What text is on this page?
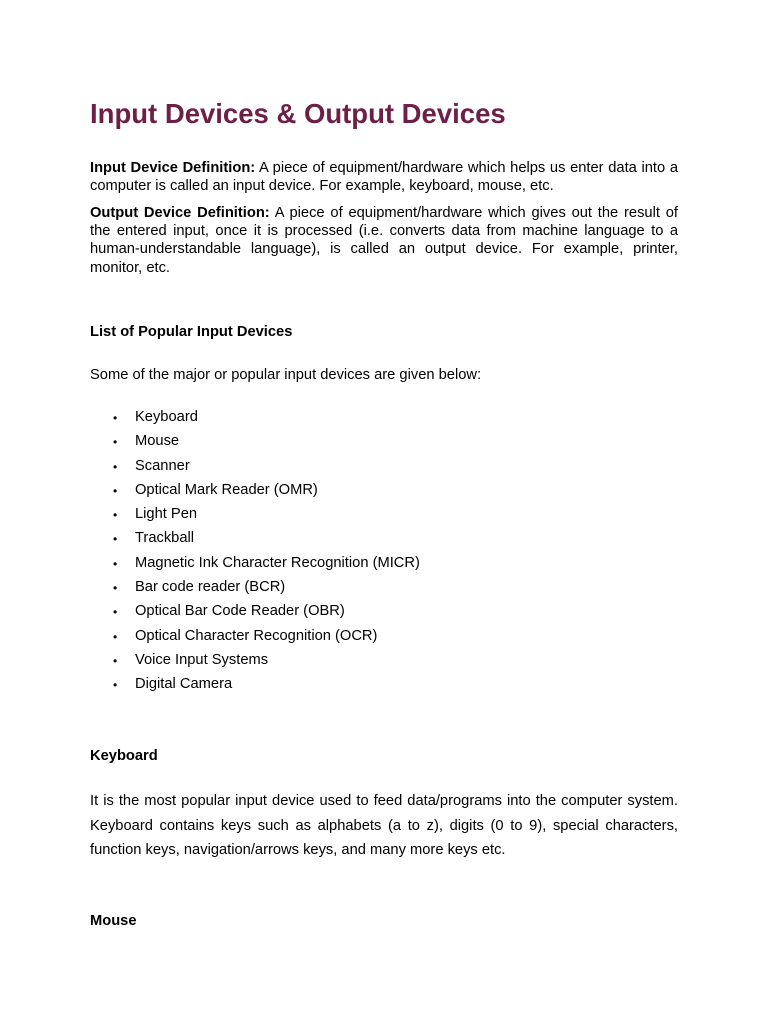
Input Devices & Output Devices

Input Device Definition: A piece of equipment/hardware which helps us enter data into a computer is called an input device. For example, keyboard, mouse, etc.

Output Device Definition: A piece of equipment/hardware which gives out the result of the entered input, once it is processed (i.e. converts data from machine language to a human-understandable language), is called an output device. For example, printer, monitor, etc.

List of Popular Input Devices

Some of the major or popular input devices are given below:

• Keyboard
• Mouse
• Scanner
• Optical Mark Reader (OMR)
• Light Pen
• Trackball
• Magnetic Ink Character Recognition (MICR)
• Bar code reader (BCR)
• Optical Bar Code Reader (OBR)
• Optical Character Recognition (OCR)
• Voice Input Systems
• Digital Camera
Keyboard

It is the most popular input device used to feed data/programs into the computer system. Keyboard contains keys such as alphabets (a to z), digits (0 to 9), special characters, function keys, navigation/arrows keys, and many more keys etc.

Mouse
